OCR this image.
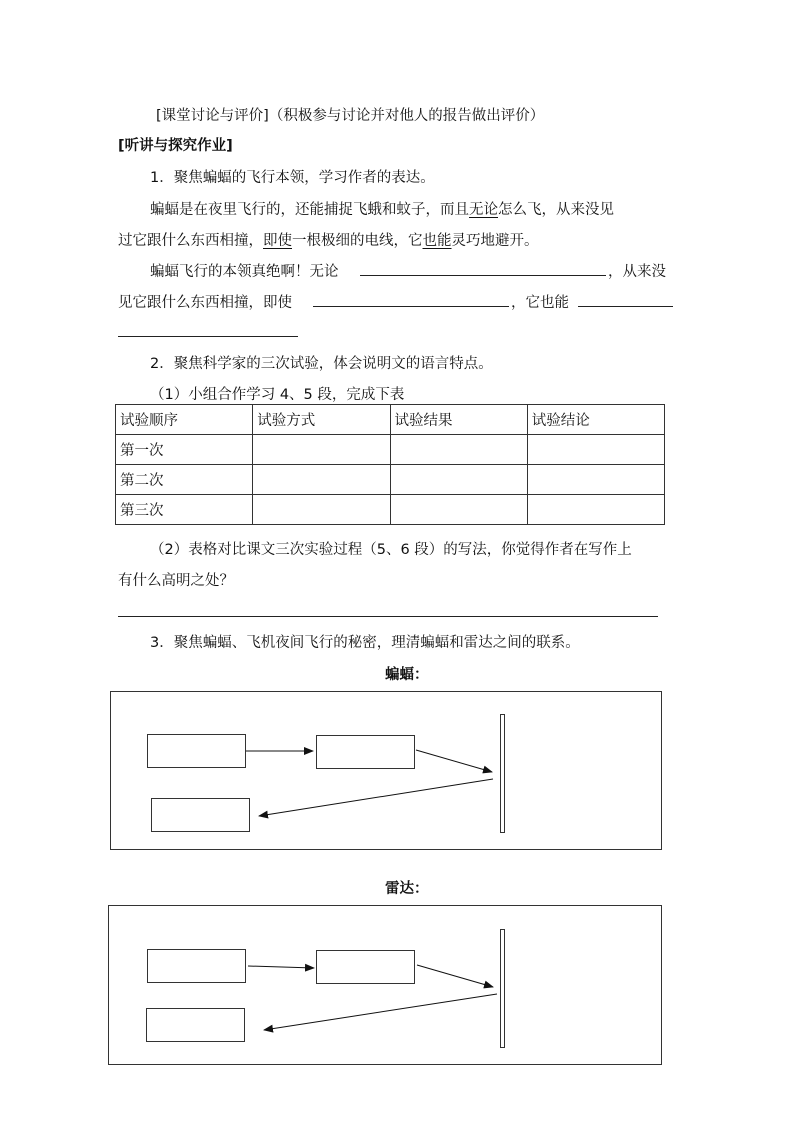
[课堂讨论与评价]（积极参与讨论并对他人的报告做出评价）
[听讲与探究作业]
1．聚焦蝙蝠的飞行本领，学习作者的表达。
蝙蝠是在夜里飞行的，还能捕捉飞蛾和蚊子，而且无论怎么飞，从来没见
过它跟什么东西相撞，即使一根极细的电线，它也能灵巧地避开。
蝙蝠飞行的本领真绝啊！无论	，从来没
见它跟什么东西相撞，即使	，它也能
2．聚焦科学家的三次试验，体会说明文的语言特点。
（1）小组合作学习 4、5 段，完成下表
试验顺序	试验方式	试验结果	试验结论
第一次			
第二次			
第三次			
（2）表格对比课文三次实验过程（5、6 段）的写法，你觉得作者在写作上
有什么高明之处？
3．聚焦蝙蝠、飞机夜间飞行的秘密，理清蝙蝠和雷达之间的联系。
蝙蝠：
雷达：
